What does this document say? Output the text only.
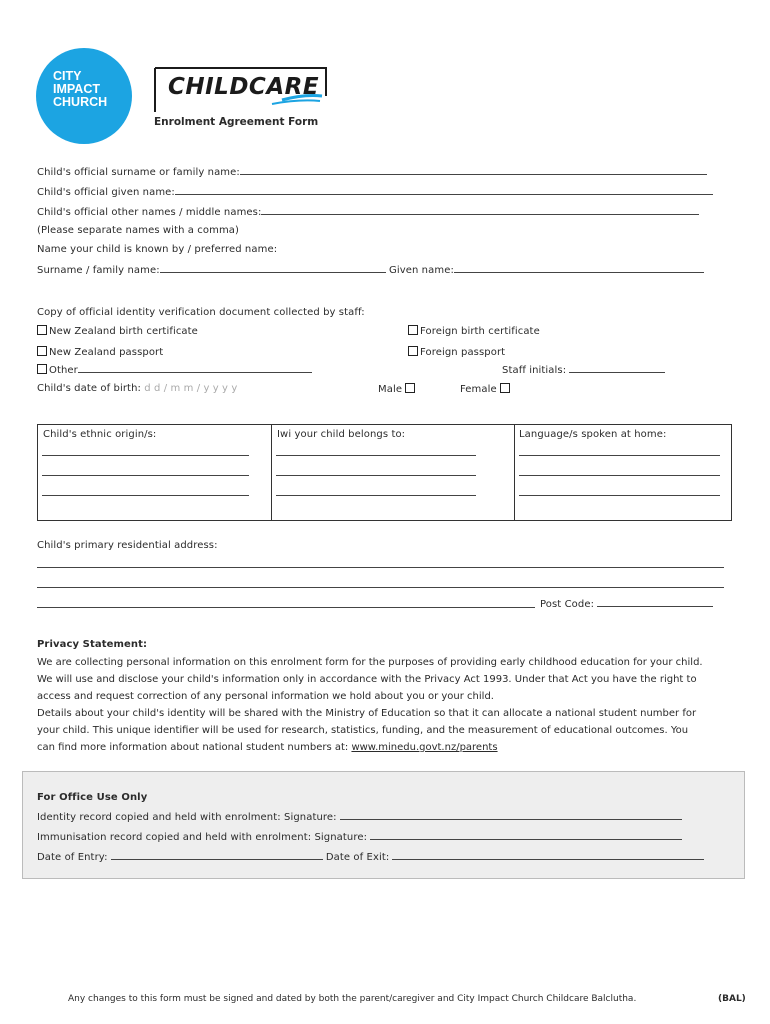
CITY
IMPACT
CHURCH
CHILDCARE
Enrolment Agreement Form
Child's official surname or family name:
Child's official given name:
Child's official other names / middle names:
(Please separate names with a comma)
Name your child is known by / preferred name:
Surname / family name:	Given name:
Copy of official identity verification document collected by staff:
New Zealand birth certificate	Foreign birth certificate
New Zealand passport	Foreign passport
Other	Staff initials:
Child's date of birth: d d / m m / y y y y	Male	Female
Child's ethnic origin/s:	Iwi your child belongs to:	Language/s spoken at home:
Child's primary residential address:
Post Code:
Privacy Statement:
We are collecting personal information on this enrolment form for the purposes of providing early childhood education for your child.
We will use and disclose your child's information only in accordance with the Privacy Act 1993. Under that Act you have the right to
access and request correction of any personal information we hold about you or your child.
Details about your child's identity will be shared with the Ministry of Education so that it can allocate a national student number for
your child. This unique identifier will be used for research, statistics, funding, and the measurement of educational outcomes. You
can find more information about national student numbers at: www.minedu.govt.nz/parents
For Office Use Only
Identity record copied and held with enrolment: Signature:
Immunisation record copied and held with enrolment: Signature:
Date of Entry:	Date of Exit:
Any changes to this form must be signed and dated by both the parent/caregiver and City Impact Church Childcare Balclutha.	(BAL)
